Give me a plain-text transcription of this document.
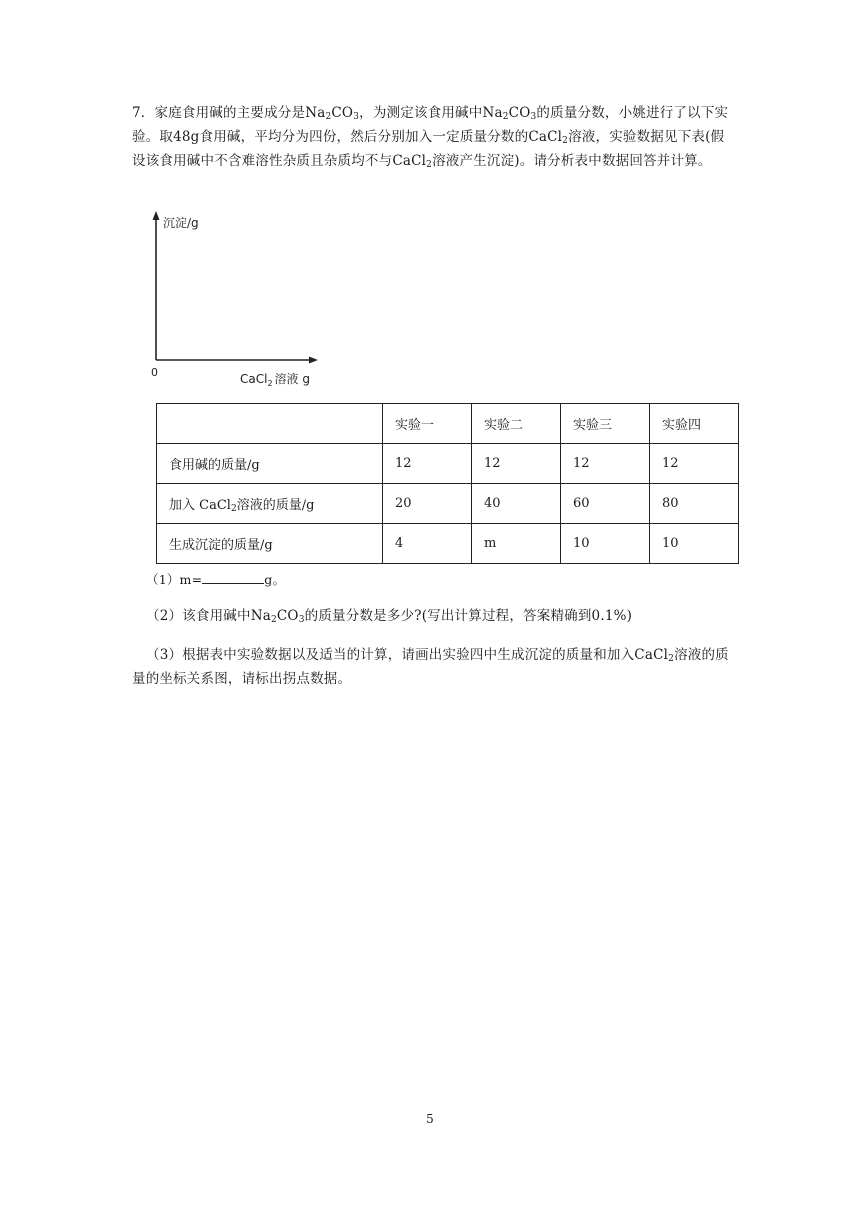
7．家庭食用碱的主要成分是$Na_2CO_3$，为测定该食用碱中$Na_2CO_3$的质量分数，小姚进行了以下实验。取48g食用碱，平均分为四份，然后分别加入一定质量分数的CaCl$_2$溶液，实验数据见下表(假设该食用碱中不含难溶性杂质且杂质均不与CaCl$_2$溶液产生沉淀)。请分析表中数据回答并计算。
沉淀/g
0	CaCl$_2$ 溶液 g
	实验一	实验二	实验三	实验四
食用碱的质量/g	12	12	12	12
加入 CaCl$_2$溶液的质量/g	20	40	60	80
生成沉淀的质量/g	4	m	10	10
（1）m=	g。
（2）该食用碱中$Na_2CO_3$的质量分数是多少?(写出计算过程，答案精确到0.1%)
（3）根据表中实验数据以及适当的计算，请画出实验四中生成沉淀的质量和加入CaCl$_2$溶液的质量的坐标关系图，请标出拐点数据。
5
